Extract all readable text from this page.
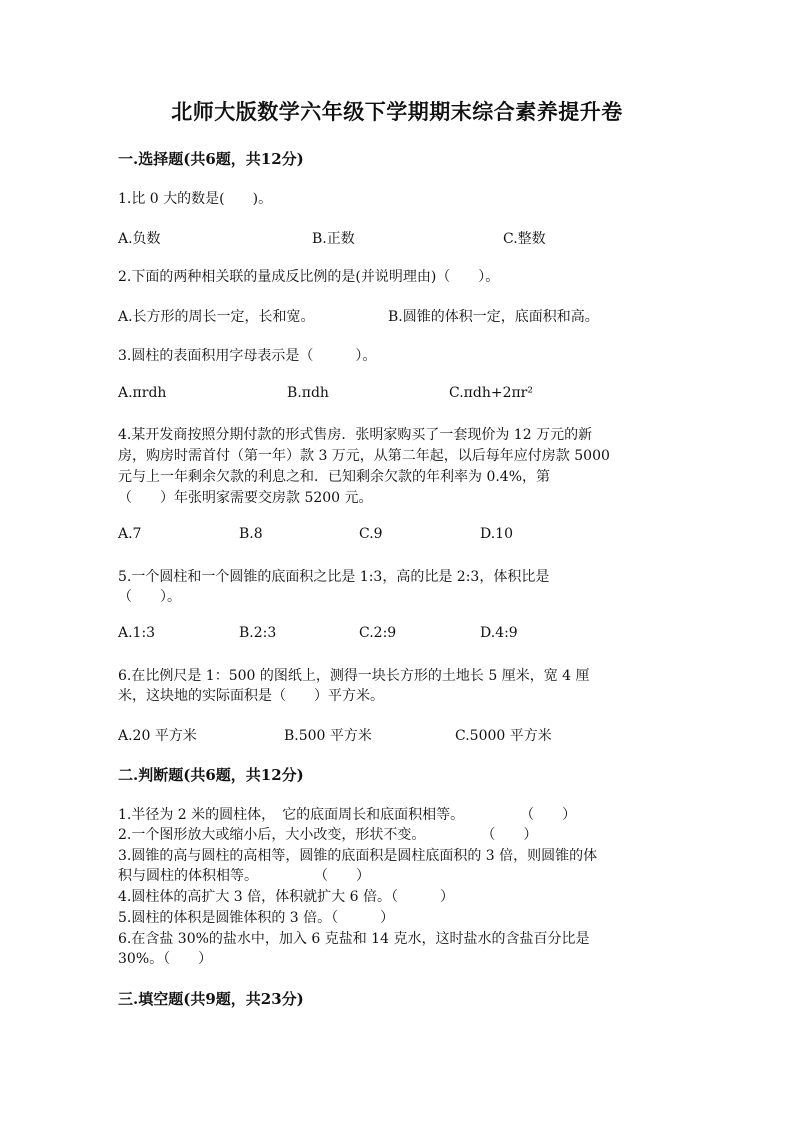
北师大版数学六年级下学期期末综合素养提升卷
一.选择题(共6题，共12分)
1.比 0 大的数是(　　)。
A.负数	B.正数	C.整数
2.下面的两种相关联的量成反比例的是(并说明理由)（　　）。
A.长方形的周长一定，长和宽。	B.圆锥的体积一定，底面积和高。
3.圆柱的表面积用字母表示是（　　　）。
A.πrdh	B.πdh	C.πdh+2πr²
4.某开发商按照分期付款的形式售房．张明家购买了一套现价为 12 万元的新
房，购房时需首付（第一年）款 3 万元，从第二年起，以后每年应付房款 5000
元与上一年剩余欠款的利息之和．已知剩余欠款的年利率为 0.4%，第
（　　）年张明家需要交房款 5200 元。
A.7	B.8	C.9	D.10
5.一个圆柱和一个圆锥的底面积之比是 1:3，高的比是 2:3，体积比是
（　　）。
A.1:3	B.2:3	C.2:9	D.4:9
6.在比例尺是 1：500 的图纸上，测得一块长方形的土地长 5 厘米，宽 4 厘
米，这块地的实际面积是（　　）平方米。
A.20 平方米	B.500 平方米	C.5000 平方米
二.判断题(共6题，共12分)
1.半径为 2 米的圆柱体，　它的底面周长和底面积相等。　　　　　（　　）
2.一个图形放大或缩小后，大小改变，形状不变。　　　　　（　　）
3.圆锥的高与圆柱的高相等，圆锥的底面积是圆柱底面积的 3 倍，则圆锥的体
积与圆柱的体积相等。　　　　　（　　）
4.圆柱体的高扩大 3 倍，体积就扩大 6 倍。（　　　）
5.圆柱的体积是圆锥体积的 3 倍。（　　　）
6.在含盐 30%的盐水中，加入 6 克盐和 14 克水，这时盐水的含盐百分比是
30%。（　　）
三.填空题(共9题，共23分)
